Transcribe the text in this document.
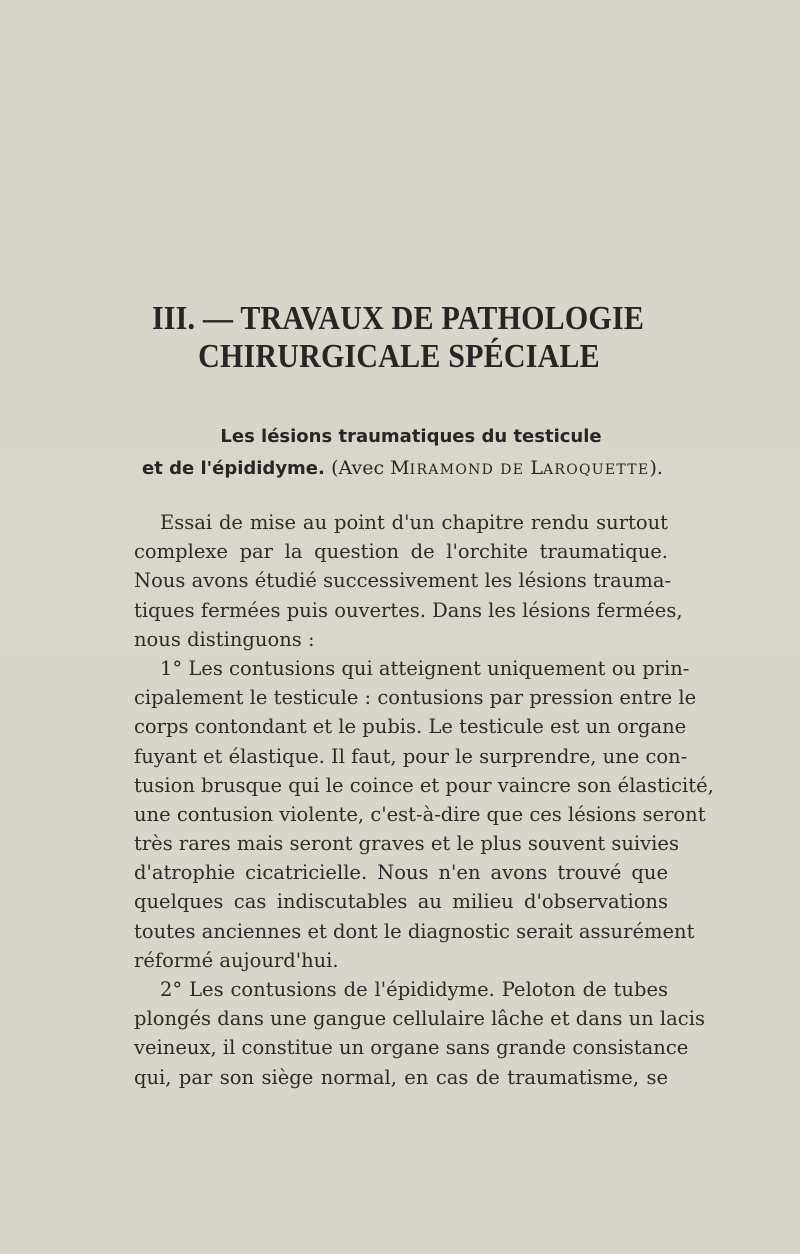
III. — TRAVAUX DE PATHOLOGIE
CHIRURGICALE SPÉCIALE
Les lésions traumatiques du testicule
et de l'épididyme. (Avec MIRAMOND DE LAROQUETTE).
Essai de mise au point d'un chapitre rendu surtout
complexe par la question de l'orchite traumatique.
Nous avons étudié successivement les lésions trauma-
tiques fermées puis ouvertes. Dans les lésions fermées,
nous distinguons :
1° Les contusions qui atteignent uniquement ou prin-
cipalement le testicule : contusions par pression entre le
corps contondant et le pubis. Le testicule est un organe
fuyant et élastique. Il faut, pour le surprendre, une con-
tusion brusque qui le coince et pour vaincre son élasticité,
une contusion violente, c'est-à-dire que ces lésions seront
très rares mais seront graves et le plus souvent suivies
d'atrophie cicatricielle. Nous n'en avons trouvé que
quelques cas indiscutables au milieu d'observations
toutes anciennes et dont le diagnostic serait assurément
réformé aujourd'hui.
2° Les contusions de l'épididyme. Peloton de tubes
plongés dans une gangue cellulaire lâche et dans un lacis
veineux, il constitue un organe sans grande consistance
qui, par son siège normal, en cas de traumatisme, se
